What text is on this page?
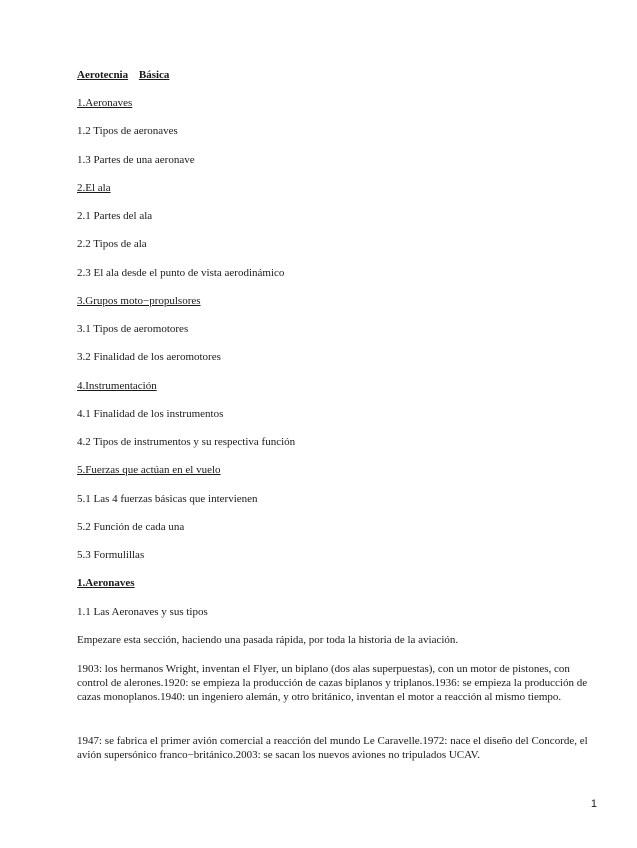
Aerotecnia Básica
1.Aeronaves
1.2 Tipos de aeronaves
1.3 Partes de una aeronave
2.El ala
2.1 Partes del ala
2.2 Tipos de ala
2.3 El ala desde el punto de vista aerodinámico
3.Grupos moto−propulsores
3.1 Tipos de aeromotores
3.2 Finalidad de los aeromotores
4.Instrumentación
4.1 Finalidad de los instrumentos
4.2 Tipos de instrumentos y su respectiva función
5.Fuerzas que actúan en el vuelo
5.1 Las 4 fuerzas básicas que intervienen
5.2 Función de cada una
5.3 Formulillas
1.Aeronaves
1.1 Las Aeronaves y sus tipos
Empezare esta sección, haciendo una pasada rápida, por toda la historia de la aviación.
1903: los hermanos Wright, inventan el Flyer, un biplano (dos alas superpuestas), con un motor de pistones, con control de alerones.1920: se empieza la producción de cazas biplanos y triplanos.1936: se empieza la producción de cazas monoplanos.1940: un ingeniero alemán, y otro británico, inventan el motor a reacción al mismo tiempo.
1947: se fabrica el primer avión comercial a reacción del mundo Le Caravelle.1972: nace el diseño del Concorde, el avión supersónico franco−británico.2003: se sacan los nuevos aviones no tripulados UCAV.
1
